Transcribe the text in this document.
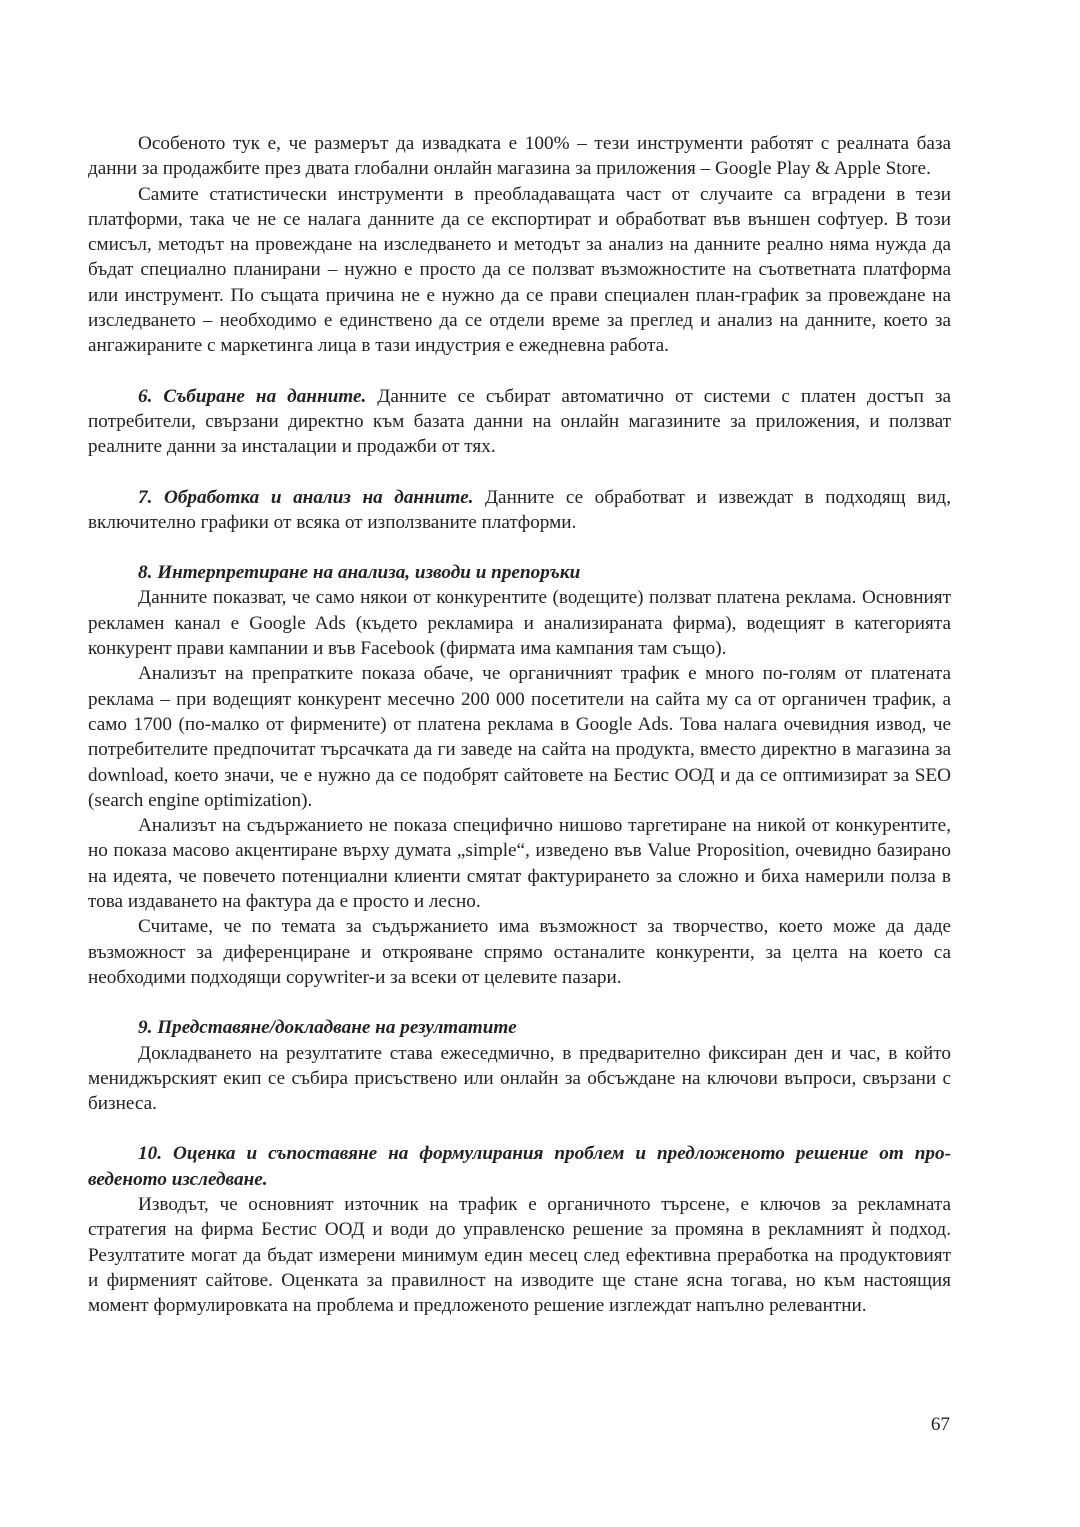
Особеното тук е, че размерът да извадката е 100% – тези инструменти работят с реалната база данни за продажбите през двата глобални онлайн магазина за приложения – Google Play & Apple Store.

Самите статистически инструменти в преобладаващата част от случаите са вградени в тези платформи, така че не се налага данните да се експортират и обработват във външен софтуер. В този смисъл, методът на провеждане на изследването и методът за анализ на данните реално няма нужда да бъдат специално планирани – нужно е просто да се ползват възможностите на съответната платформа или инструмент. По същата причина не е нужно да се прави специален план-график за провеждане на изследването – необходимо е единствено да се отдели време за преглед и анализ на данните, което за ангажираните с маркетинга лица в тази индустрия е ежедневна работа.

6. Събиране на данните. Данните се събират автоматично от системи с платен достъп за потребители, свързани директно към базата данни на онлайн магазините за приложения, и ползват реалните данни за инсталации и продажби от тях.

7. Обработка и анализ на данните. Данните се обработват и извеждат в подходящ вид, включително графики от всяка от използваните платформи.

8. Интерпретиране на анализа, изводи и препоръки

Данните показват, че само някои от конкурентите (водещите) ползват платена реклама. Основният рекламен канал е Google Ads (където рекламира и анализираната фирма), водещият в категорията конкурент прави кампании и във Facebook (фирмата има кампания там също).

Анализът на препратките показа обаче, че органичният трафик е много по-голям от платената реклама – при водещият конкурент месечно 200 000 посетители на сайта му са от органичен трафик, а само 1700 (по-малко от фирмените) от платена реклама в Google Ads. Това налага очевидния извод, че потребителите предпочитат търсачката да ги заведе на сайта на продукта, вместо директно в магазина за download, което значи, че е нужно да се подобрят сайтовете на Бестис ООД и да се оптимизират за SEO (search engine optimization).

Анализът на съдържанието не показа специфично нишово таргетиране на никой от конкурентите, но показа масово акцентиране върху думата „simple“, изведено във Value Proposition, очевидно базирано на идеята, че повечето потенциални клиенти смятат фактурирането за сложно и биха намерили полза в това издаването на фактура да е просто и лесно.

Считаме, че по темата за съдържанието има възможност за творчество, което може да даде възможност за диференциране и открояване спрямо останалите конкуренти, за целта на което са необходими подходящи copywriter-и за всеки от целевите пазари.

9. Представяне/докладване на резултатите

Докладването на резултатите става ежеседмично, в предварително фиксиран ден и час, в който мениджърският екип се събира присъствено или онлайн за обсъждане на ключови въпроси, свързани с бизнеса.

10. Оценка и съпоставяне на формулирания проблем и предложеното решение от проведеното изследване.

Изводът, че основният източник на трафик е органичното търсене, е ключов за рекламната стратегия на фирма Бестис ООД и води до управленско решение за промяна в рекламният ѝ подход. Резултатите могат да бъдат измерени минимум един месец след ефективна преработка на продуктовият и фирменият сайтове. Оценката за правилност на изводите ще стане ясна тогава, но към настоящия момент формулировката на проблема и предложеното решение изглеждат напълно релевантни.

67
